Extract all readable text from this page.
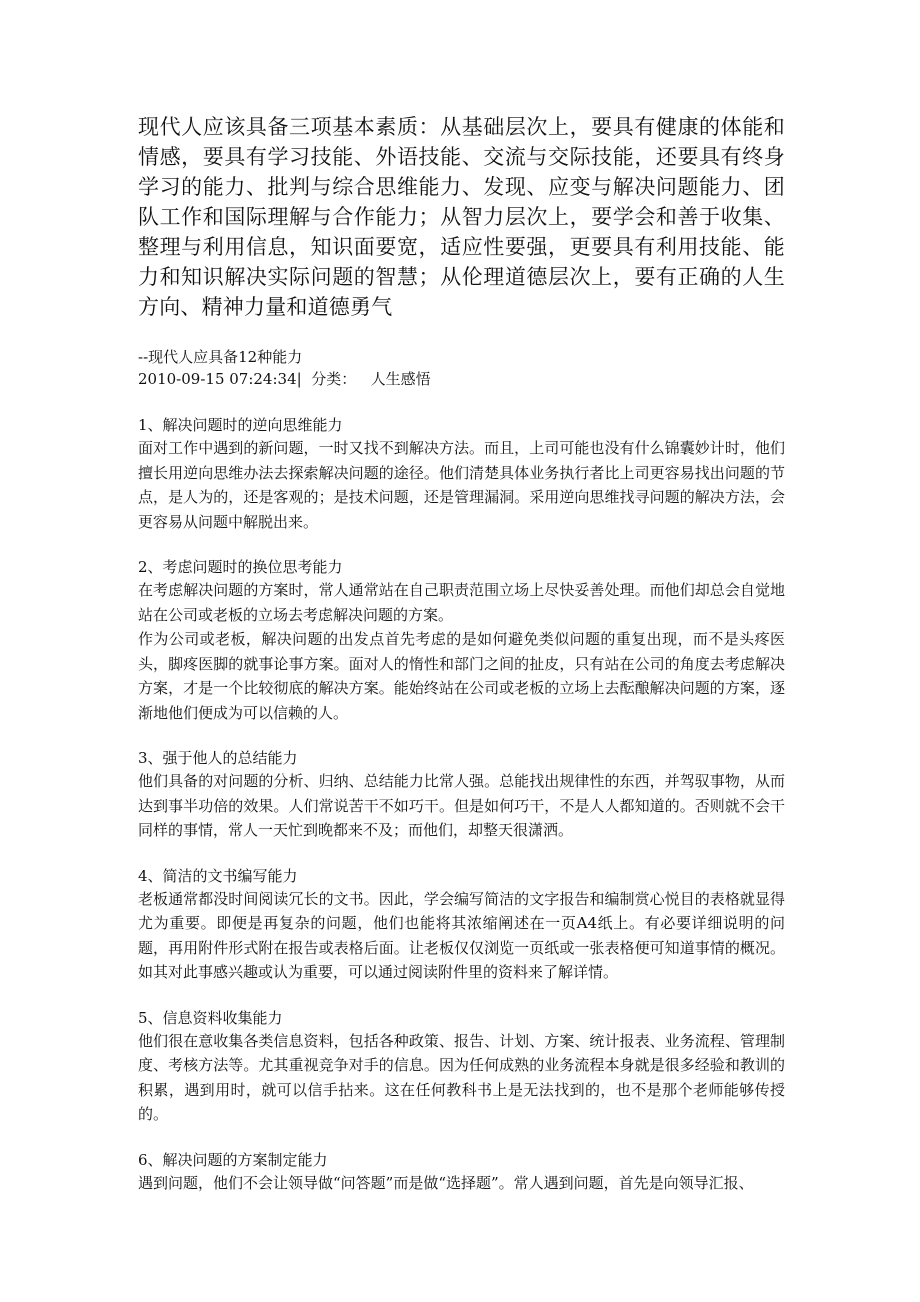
现代人应该具备三项基本素质：从基础层次上，要具有健康的体能和情感，要具有学习技能、外语技能、交流与交际技能，还要具有终身学习的能力、批判与综合思维能力、发现、应变与解决问题能力、团队工作和国际理解与合作能力；从智力层次上，要学会和善于收集、整理与利用信息，知识面要宽，适应性要强，更要具有利用技能、能力和知识解决实际问题的智慧；从伦理道德层次上，要有正确的人生方向、精神力量和道德勇气

--现代人应具备12种能力
2010-09-15 07:24:34| 分类： 人生感悟
1、解决问题时的逆向思维能力

面对工作中遇到的新问题，一时又找不到解决方法。而且，上司可能也没有什么锦囊妙计时，他们擅长用逆向思维办法去探索解决问题的途径。他们清楚具体业务执行者比上司更容易找出问题的节点，是人为的，还是客观的；是技术问题，还是管理漏洞。采用逆向思维找寻问题的解决方法，会更容易从问题中解脱出来。

2、考虑问题时的换位思考能力

在考虑解决问题的方案时，常人通常站在自己职责范围立场上尽快妥善处理。而他们却总会自觉地站在公司或老板的立场去考虑解决问题的方案。

作为公司或老板，解决问题的出发点首先考虑的是如何避免类似问题的重复出现，而不是头疼医头，脚疼医脚的就事论事方案。面对人的惰性和部门之间的扯皮，只有站在公司的角度去考虑解决方案，才是一个比较彻底的解决方案。能始终站在公司或老板的立场上去酝酿解决问题的方案，逐渐地他们便成为可以信赖的人。

3、强于他人的总结能力

他们具备的对问题的分析、归纳、总结能力比常人强。总能找出规律性的东西，并驾驭事物，从而达到事半功倍的效果。人们常说苦干不如巧干。但是如何巧干，不是人人都知道的。否则就不会干同样的事情，常人一天忙到晚都来不及；而他们，却整天很潇洒。

4、简洁的文书编写能力

老板通常都没时间阅读冗长的文书。因此，学会编写简洁的文字报告和编制赏心悦目的表格就显得尤为重要。即便是再复杂的问题，他们也能将其浓缩阐述在一页A4纸上。有必要详细说明的问题，再用附件形式附在报告或表格后面。让老板仅仅浏览一页纸或一张表格便可知道事情的概况。如其对此事感兴趣或认为重要，可以通过阅读附件里的资料来了解详情。

5、信息资料收集能力

他们很在意收集各类信息资料，包括各种政策、报告、计划、方案、统计报表、业务流程、管理制度、考核方法等。尤其重视竞争对手的信息。因为任何成熟的业务流程本身就是很多经验和教训的积累，遇到用时，就可以信手拈来。这在任何教科书上是无法找到的，也不是那个老师能够传授的。

6、解决问题的方案制定能力

遇到问题，他们不会让领导做“问答题”而是做“选择题”。常人遇到问题，首先是向领导汇报、
